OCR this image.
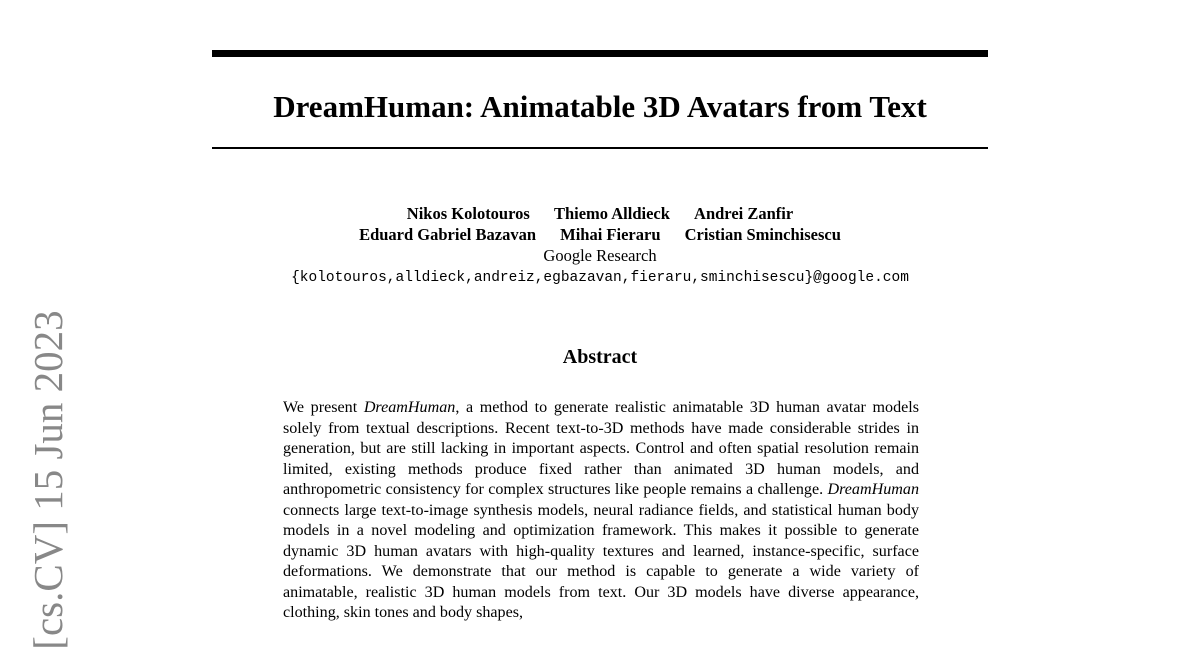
DreamHuman: Animatable 3D Avatars from Text
Nikos Kolotouros Thiemo Alldieck Andrei Zanfir
Eduard Gabriel Bazavan Mihai Fieraru Cristian Sminchisescu
Google Research
{kolotouros,alldieck,andreiz,egbazavan,fieraru,sminchisescu}@google.com
Abstract
We present DreamHuman, a method to generate realistic animatable 3D human avatar models solely from textual descriptions. Recent text-to-3D methods have made considerable strides in generation, but are still lacking in important aspects. Control and often spatial resolution remain limited, existing methods produce fixed rather than animated 3D human models, and anthropometric consistency for complex structures like people remains a challenge. DreamHuman connects large text-to-image synthesis models, neural radiance fields, and statistical human body models in a novel modeling and optimization framework. This makes it possible to generate dynamic 3D human avatars with high-quality textures and learned, instance-specific, surface deformations. We demonstrate that our method is capable to generate a wide variety of animatable, realistic 3D human models from text. Our 3D models have diverse appearance, clothing, skin tones and body shapes,
[cs.CV] 15 Jun 2023
